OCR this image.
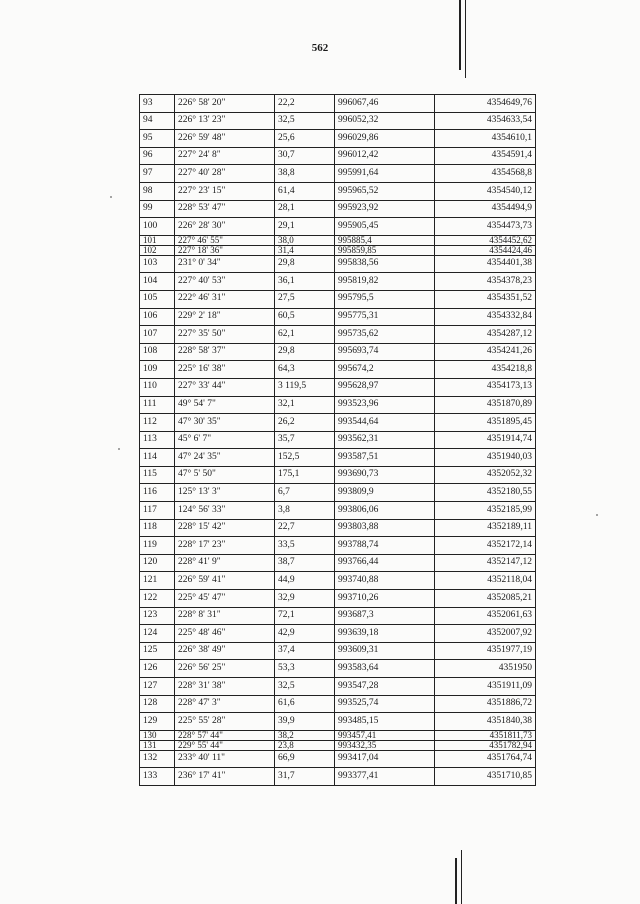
562
93	226° 58' 20"	22,2	996067,46	4354649,76
94	226° 13' 23"	32,5	996052,32	4354633,54
95	226° 59' 48"	25,6	996029,86	4354610,1
96	227° 24' 8"	30,7	996012,42	4354591,4
97	227° 40' 28"	38,8	995991,64	4354568,8
98	227° 23' 15"	61,4	995965,52	4354540,12
99	228° 53' 47"	28,1	995923,92	4354494,9
100	226° 28' 30"	29,1	995905,45	4354473,73
101	227° 46' 55"	38,0	995885,4	4354452,62
102	227° 18' 36"	31,4	995859,85	4354424,46
103	231° 0' 34"	29,8	995838,56	4354401,38
104	227° 40' 53"	36,1	995819,82	4354378,23
105	222° 46' 31"	27,5	995795,5	4354351,52
106	229° 2' 18"	60,5	995775,31	4354332,84
107	227° 35' 50"	62,1	995735,62	4354287,12
108	228° 58' 37"	29,8	995693,74	4354241,26
109	225° 16' 38"	64,3	995674,2	4354218,8
110	227° 33' 44"	3 119,5	995628,97	4354173,13
111	49° 54' 7"	32,1	993523,96	4351870,89
112	47° 30' 35"	26,2	993544,64	4351895,45
113	45° 6' 7"	35,7	993562,31	4351914,74
114	47° 24' 35"	152,5	993587,51	4351940,03
115	47° 5' 50"	175,1	993690,73	4352052,32
116	125° 13' 3"	6,7	993809,9	4352180,55
117	124° 56' 33"	3,8	993806,06	4352185,99
118	228° 15' 42"	22,7	993803,88	4352189,11
119	228° 17' 23"	33,5	993788,74	4352172,14
120	228° 41' 9"	38,7	993766,44	4352147,12
121	226° 59' 41"	44,9	993740,88	4352118,04
122	225° 45' 47"	32,9	993710,26	4352085,21
123	228° 8' 31"	72,1	993687,3	4352061,63
124	225° 48' 46"	42,9	993639,18	4352007,92
125	226° 38' 49"	37,4	993609,31	4351977,19
126	226° 56' 25"	53,3	993583,64	4351950
127	228° 31' 38"	32,5	993547,28	4351911,09
128	228° 47' 3"	61,6	993525,74	4351886,72
129	225° 55' 28"	39,9	993485,15	4351840,38
130	228° 57' 44"	38,2	993457,41	4351811,73
131	229° 55' 44"	23,8	993432,35	4351782,94
132	233° 40' 11"	66,9	993417,04	4351764,74
133	236° 17' 41"	31,7	993377,41	4351710,85
